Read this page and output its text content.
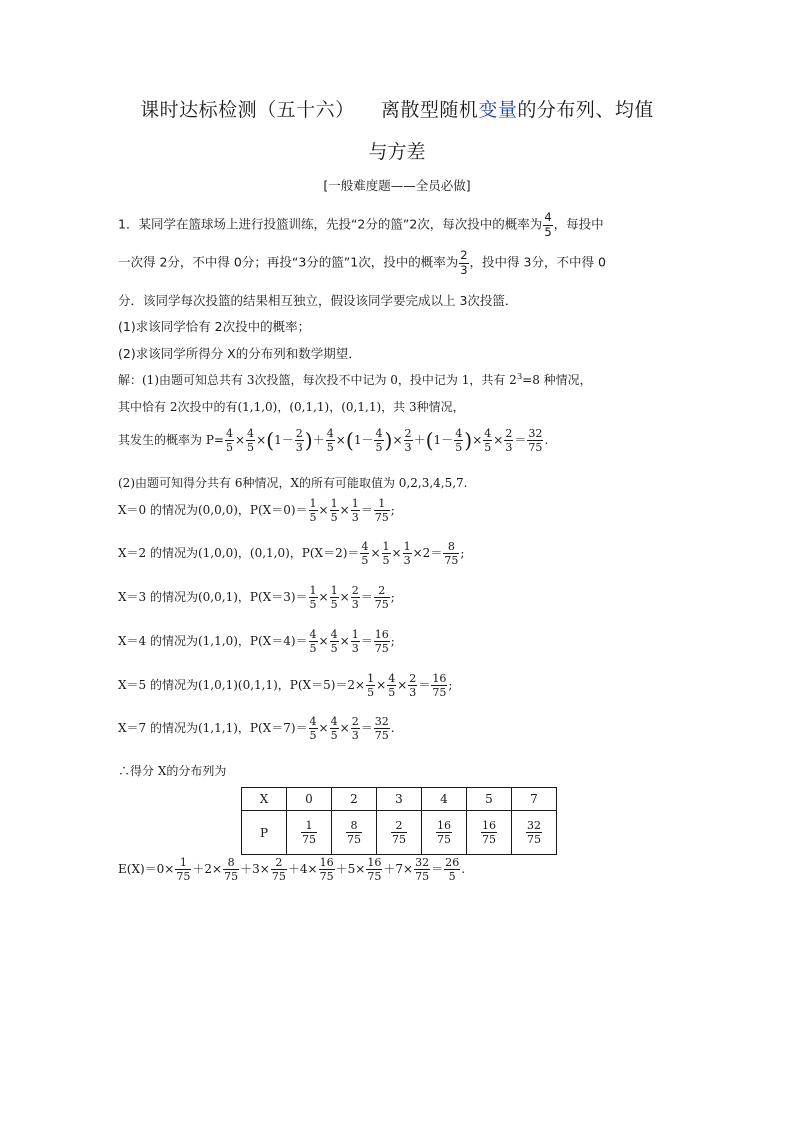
课时达标检测（五十六） 离散型随机变量的分布列、均值
与方差
[一般难度题——全员必做]
1．某同学在篮球场上进行投篮训练，先投“2分的篮”2次，每次投中的概率为 $\frac{4}{5}$ ，每投中
一次得 2分，不中得 0分；再投“3分的篮”1次，投中的概率为 $\frac{2}{3}$ ，投中得 3分，不中得 0
分．该同学每次投篮的结果相互独立，假设该同学要完成以上 3次投篮．
(1)求该同学恰有 2次投中的概率；
(2)求该同学所得分 X的分布列和数学期望．
解：(1)由题可知总共有 3次投篮，每次投不中记为 0，投中记为 1，共有 $2^3=8$ 种情况，
其中恰有 2次投中的有(1,1,0)，(0,1,1)，(0,1,1)，共 3种情况，
其发生的概率为 $P= \frac{4}{5} \times \frac{4}{5} \times(1- \frac{2}{3}$ )＋ $\frac{4}{5} \times(1- \frac{4}{5}$ )× $\frac{2}{3} +(1- \frac{4}{5}$ )× $\frac{4}{5} \times \frac{2}{3} = \frac{32}{75}$ .
(2)由题可知得分共有 6种情况，X的所有可能取值为 0,2,3,4,5,7.
X＝0 的情况为(0,0,0)，$P(X=0)= \frac{1}{5} \times \frac{1}{5} \times \frac{1}{3} = \frac{1}{75}$ ;
X＝2 的情况为(1,0,0)，(0,1,0)，$P(X=2)= \frac{4}{5} \times \frac{1}{5} \times \frac{1}{3} \times 2= \frac{8}{75}$ ;
X＝3 的情况为(0,0,1)，$P(X=3)= \frac{1}{5} \times \frac{1}{5} \times \frac{2}{3} = \frac{2}{75}$ ;
X＝4 的情况为(1,1,0)，$P(X=4)= \frac{4}{5} \times \frac{4}{5} \times \frac{1}{3} = \frac{16}{75}$ ;
X＝5 的情况为(1,0,1)(0,1,1)，$P(X=5)=2\times \frac{1}{5} \times \frac{4}{5} \times \frac{2}{3} = \frac{16}{75}$ ;
X＝7 的情况为(1,1,1)，$P(X=7)= \frac{4}{5} \times \frac{4}{5} \times \frac{2}{3} = \frac{32}{75}$ .
∴得分 X的分布列为
X	0	2	3	4	5	7
P	$\frac{1}{75}$	$\frac{8}{75}$	$\frac{2}{75}$	$\frac{16}{75}$	$\frac{16}{75}$	$\frac{32}{75}$
$E(X)=0\times \frac{1}{75} +2\times \frac{8}{75} +3\times \frac{2}{75} +4\times \frac{16}{75} +5\times \frac{16}{75} +7\times \frac{32}{75} = \frac{26}{5}$ .
